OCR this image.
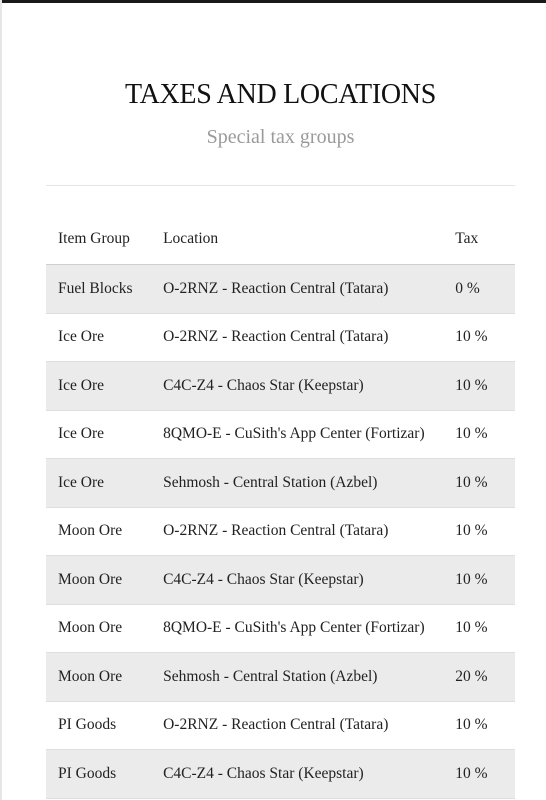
TAXES AND LOCATIONS
Special tax groups
Item Group	Location	Tax
Fuel Blocks	O-2RNZ - Reaction Central (Tatara)	0 %
Ice Ore	O-2RNZ - Reaction Central (Tatara)	10 %
Ice Ore	C4C-Z4 - Chaos Star (Keepstar)	10 %
Ice Ore	8QMO-E - CuSith's App Center (Fortizar)	10 %
Ice Ore	Sehmosh - Central Station (Azbel)	10 %
Moon Ore	O-2RNZ - Reaction Central (Tatara)	10 %
Moon Ore	C4C-Z4 - Chaos Star (Keepstar)	10 %
Moon Ore	8QMO-E - CuSith's App Center (Fortizar)	10 %
Moon Ore	Sehmosh - Central Station (Azbel)	20 %
PI Goods	O-2RNZ - Reaction Central (Tatara)	10 %
PI Goods	C4C-Z4 - Chaos Star (Keepstar)	10 %
